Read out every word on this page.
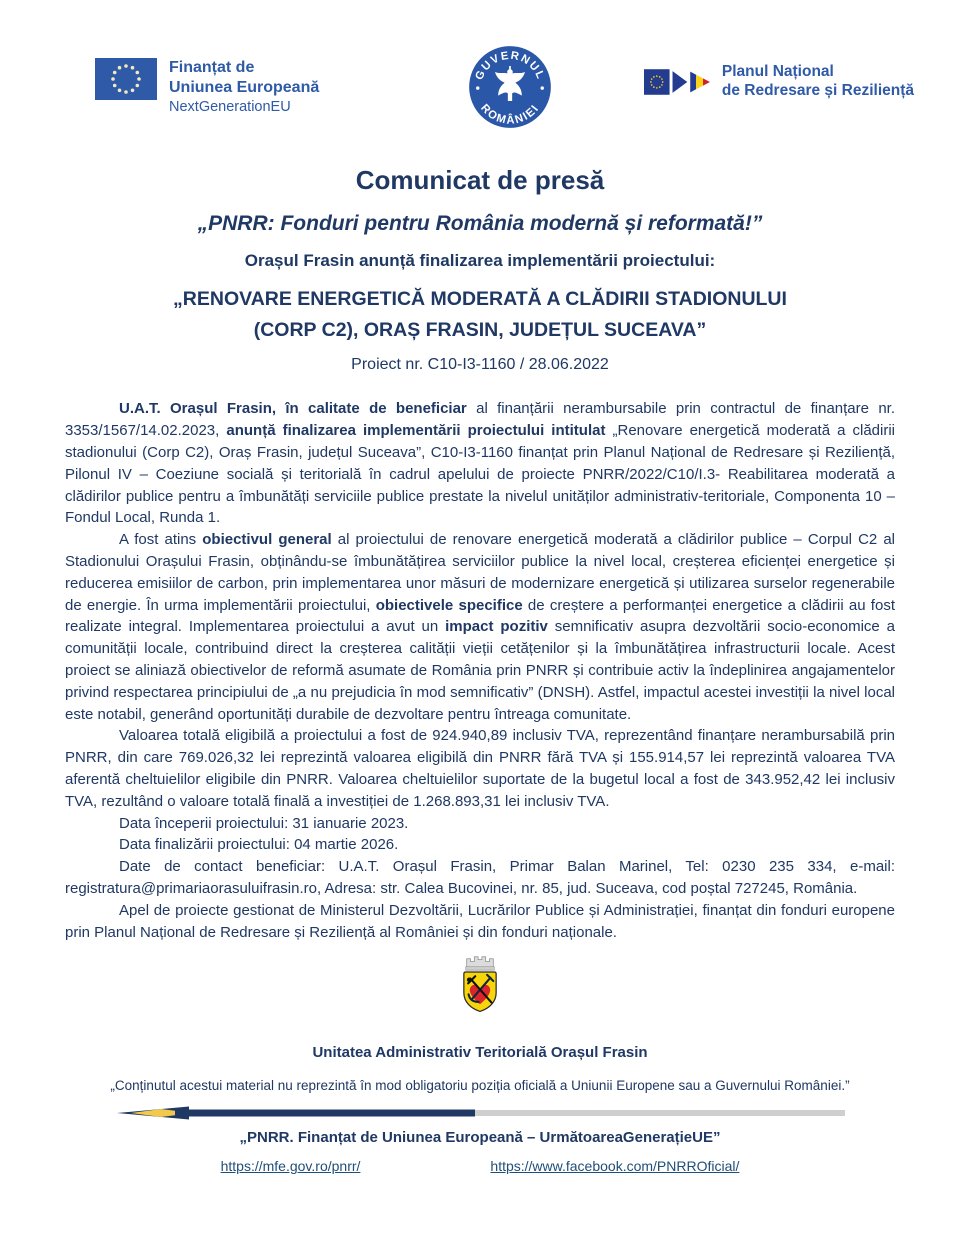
Finanțat de
Uniunea Europeană
NextGenerationEU
GUVERNUL
ROMÂNIEI
Planul Național
de Redresare și Reziliență
Comunicat de presă
„PNRR: Fonduri pentru România modernă și reformată!”
Orașul Frasin anunță finalizarea implementării proiectului:
„RENOVARE ENERGETICĂ MODERATĂ A CLĂDIRII STADIONULUI
(CORP C2), ORAȘ FRASIN, JUDEȚUL SUCEAVA”
Proiect nr. C10-I3-1160 / 28.06.2022

U.A.T. Orașul Frasin, în calitate de beneficiar al finanțării nerambursabile prin contractul de finanțare nr. 3353/1567/14.02.2023, anunță finalizarea implementării proiectului intitulat „Renovare energetică moderată a clădirii stadionului (Corp C2), Oraș Frasin, județul Suceava”, C10-I3-1160 finanțat prin Planul Național de Redresare și Reziliență, Pilonul IV – Coeziune socială și teritorială în cadrul apelului de proiecte PNRR/2022/C10/I.3- Reabilitarea moderată a clădirilor publice pentru a îmbunătăți serviciile publice prestate la nivelul unităților administrativ-teritoriale, Componenta 10 – Fondul Local, Runda 1.

A fost atins obiectivul general al proiectului de renovare energetică moderată a clădirilor publice – Corpul C2 al Stadionului Orașului Frasin, obținându-se îmbunătățirea serviciilor publice la nivel local, creșterea eficienței energetice și reducerea emisiilor de carbon, prin implementarea unor măsuri de modernizare energetică și utilizarea surselor regenerabile de energie. În urma implementării proiectului, obiectivele specifice de creștere a performanței energetice a clădirii au fost realizate integral. Implementarea proiectului a avut un impact pozitiv semnificativ asupra dezvoltării socio-economice a comunității locale, contribuind direct la creșterea calității vieții cetățenilor și la îmbunătățirea infrastructurii locale. Acest proiect se aliniază obiectivelor de reformă asumate de România prin PNRR și contribuie activ la îndeplinirea angajamentelor privind respectarea principiului de „a nu prejudicia în mod semnificativ” (DNSH). Astfel, impactul acestei investiții la nivel local este notabil, generând oportunități durabile de dezvoltare pentru întreaga comunitate.

Valoarea totală eligibilă a proiectului a fost de 924.940,89 inclusiv TVA, reprezentând finanțare nerambursabilă prin PNRR, din care 769.026,32 lei reprezintă valoarea eligibilă din PNRR fără TVA și 155.914,57 lei reprezintă valoarea TVA aferentă cheltuielilor eligibile din PNRR. Valoarea cheltuielilor suportate de la bugetul local a fost de 343.952,42 lei inclusiv TVA, rezultând o valoare totală finală a investiției de 1.268.893,31 lei inclusiv TVA.

Data începerii proiectului: 31 ianuarie 2023.

Data finalizării proiectului: 04 martie 2026.

Date de contact beneficiar: U.A.T. Orașul Frasin, Primar Balan Marinel, Tel: 0230 235 334, e-mail: registratura@primariaorasuluifrasin.ro, Adresa: str. Calea Bucovinei, nr. 85, jud. Suceava, cod poștal 727245, România.

Apel de proiecte gestionat de Ministerul Dezvoltării, Lucrărilor Publice și Administrației, finanțat din fonduri europene prin Planul Național de Redresare și Reziliență al României și din fonduri naționale.

Unitatea Administrativ Teritorială Orașul Frasin
„Conținutul acestui material nu reprezintă în mod obligatoriu poziția oficială a Uniunii Europene sau a Guvernului României.”
„PNRR. Finanțat de Uniunea Europeană – UrmătoareaGenerațieUE”
https://mfe.gov.ro/pnrr/	https://www.facebook.com/PNRROficial/
